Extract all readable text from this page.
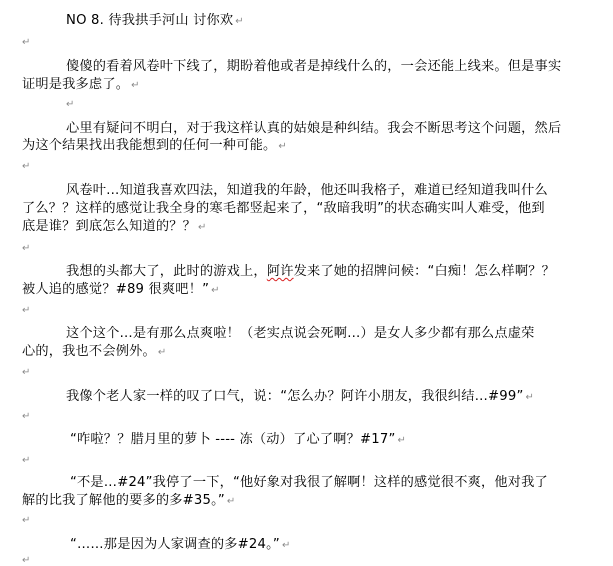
NO 8. 待我拱手河山 讨你欢 ↵
↵
傻傻的看着风卷叶下线了，期盼着他或者是掉线什么的，一会还能上线来。但是事实
证明是我多虑了。 ↵
↵
心里有疑问不明白，对于我这样认真的姑娘是种纠结。我会不断思考这个问题，然后
为这个结果找出我能想到的任何一种可能。 ↵
↵
风卷叶…知道我喜欢四法，知道我的年龄，他还叫我格子，难道已经知道我叫什么
了么？？这样的感觉让我全身的寒毛都竖起来了，“敌暗我明”的状态确实叫人难受，他到
底是谁？到底怎么知道的？？ ↵
↵
我想的头都大了，此时的游戏上，阿许发来了她的招牌问候：“白痴！怎么样啊？？
被人追的感觉？#89 很爽吧！” ↵
↵
这个这个…是有那么点爽啦！（老实点说会死啊…）是女人多少都有那么点虚荣
心的，我也不会例外。 ↵
↵
我像个老人家一样的叹了口气，说：“怎么办？阿许小朋友，我很纠结…#99” ↵
↵
“咋啦？？腊月里的萝卜 ---- 冻（动）了心了啊？#17” ↵
↵
“不是…#24”我停了一下，“他好象对我很了解啊！这样的感觉很不爽，他对我了
解的比我了解他的要多的多#35。” ↵
↵
“……那是因为人家调查的多#24。” ↵
↵
